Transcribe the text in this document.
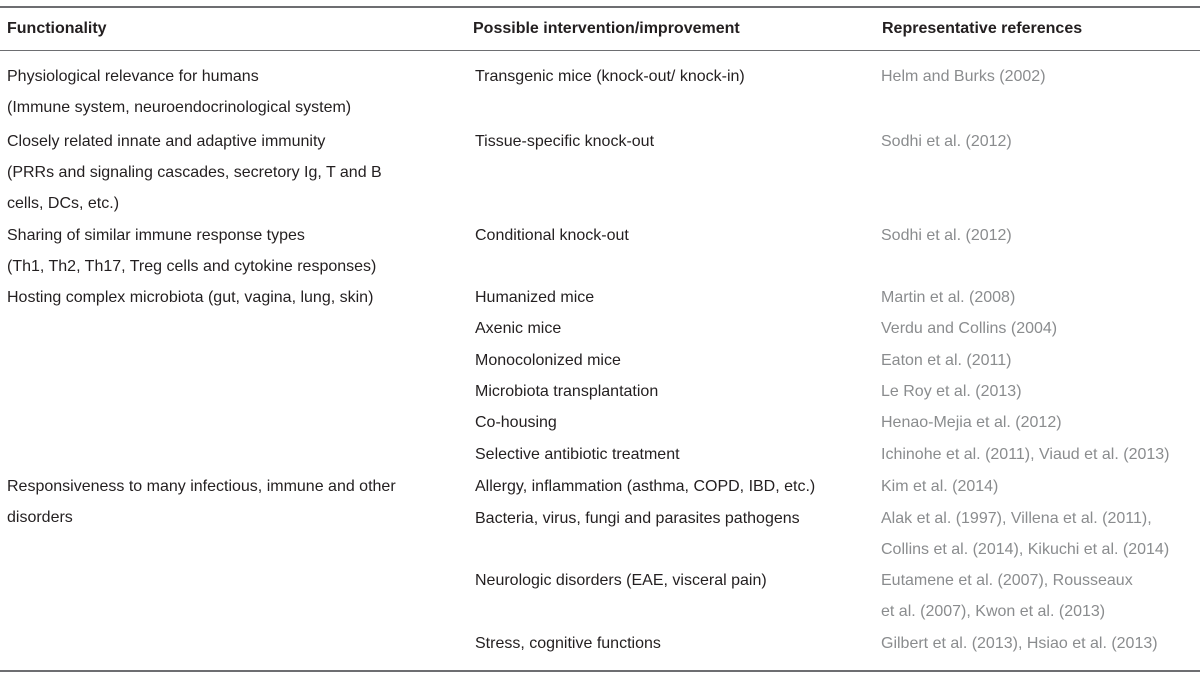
Functionality	Possible intervention/improvement	Representative references
Physiological relevance for humans
(Immune system, neuroendocrinological system)
Closely related innate and adaptive immunity
(PRRs and signaling cascades, secretory Ig, T and B
cells, DCs, etc.)
Sharing of similar immune response types
(Th1, Th2, Th17, Treg cells and cytokine responses)
Hosting complex microbiota (gut, vagina, lung, skin)
Responsiveness to many infectious, immune and other
disorders
Transgenic mice (knock-out/ knock-in)
Tissue-specific knock-out
Conditional knock-out
Humanized mice
Axenic mice
Monocolonized mice
Microbiota transplantation
Co-housing
Selective antibiotic treatment
Allergy, inflammation (asthma, COPD, IBD, etc.)
Bacteria, virus, fungi and parasites pathogens
Neurologic disorders (EAE, visceral pain)
Stress, cognitive functions
Helm and Burks (2002)
Sodhi et al. (2012)
Sodhi et al. (2012)
Martin et al. (2008)
Verdu and Collins (2004)
Eaton et al. (2011)
Le Roy et al. (2013)
Henao-Mejia et al. (2012)
Ichinohe et al. (2011), Viaud et al. (2013)
Kim et al. (2014)
Alak et al. (1997), Villena et al. (2011),
Collins et al. (2014), Kikuchi et al. (2014)
Eutamene et al. (2007), Rousseaux
et al. (2007), Kwon et al. (2013)
Gilbert et al. (2013), Hsiao et al. (2013)
